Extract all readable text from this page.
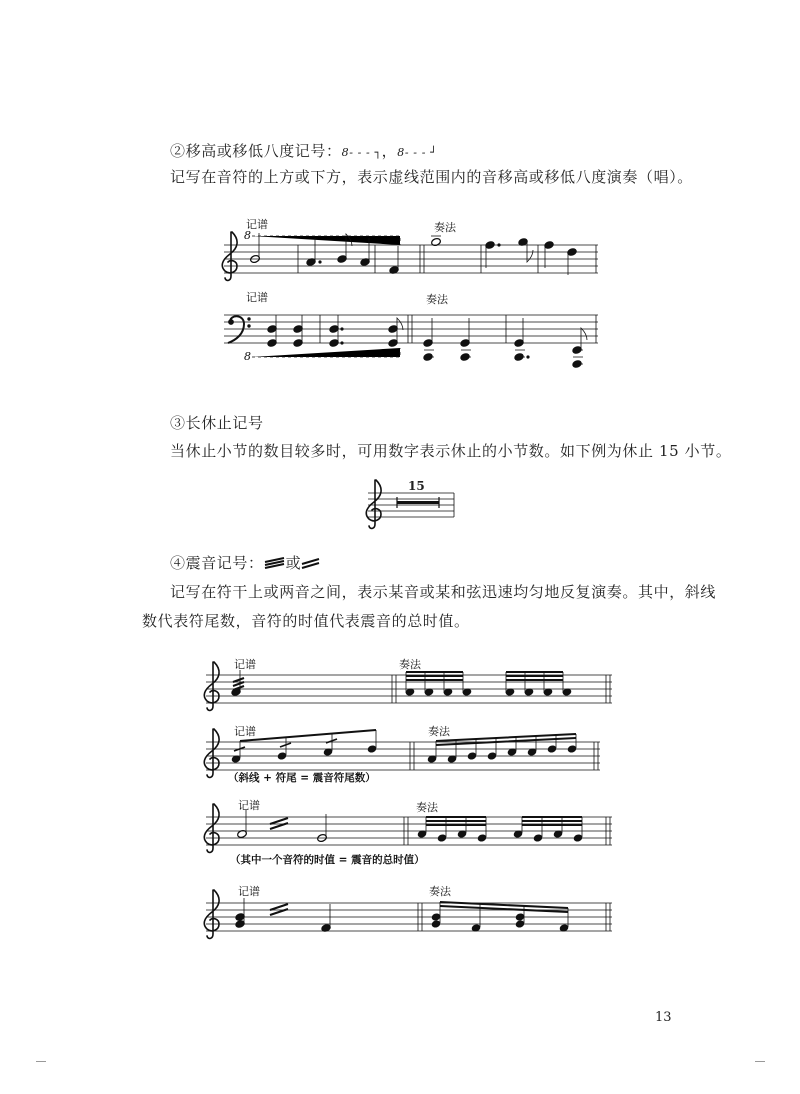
②移高或移低八度记号：8- - - ┐，8- - - ┘
记写在音符的上方或下方，表示虚线范围内的音移高或移低八度演奏（唱）。
记谱
8
奏法
记谱	奏法
8
③长休止记号
当休止小节的数目较多时，可用数字表示休止的小节数。如下例为休止 15 小节。
15
④震音记号： 或
记写在符干上或两音之间，表示某音或某和弦迅速均匀地反复演奏。其中，斜线
数代表符尾数，音符的时值代表震音的总时值。
记谱	奏法
记谱	奏法
（斜线 + 符尾 = 震音符尾数）
记谱	奏法
（其中一个音符的时值 = 震音的总时值）
记谱	奏法
13
